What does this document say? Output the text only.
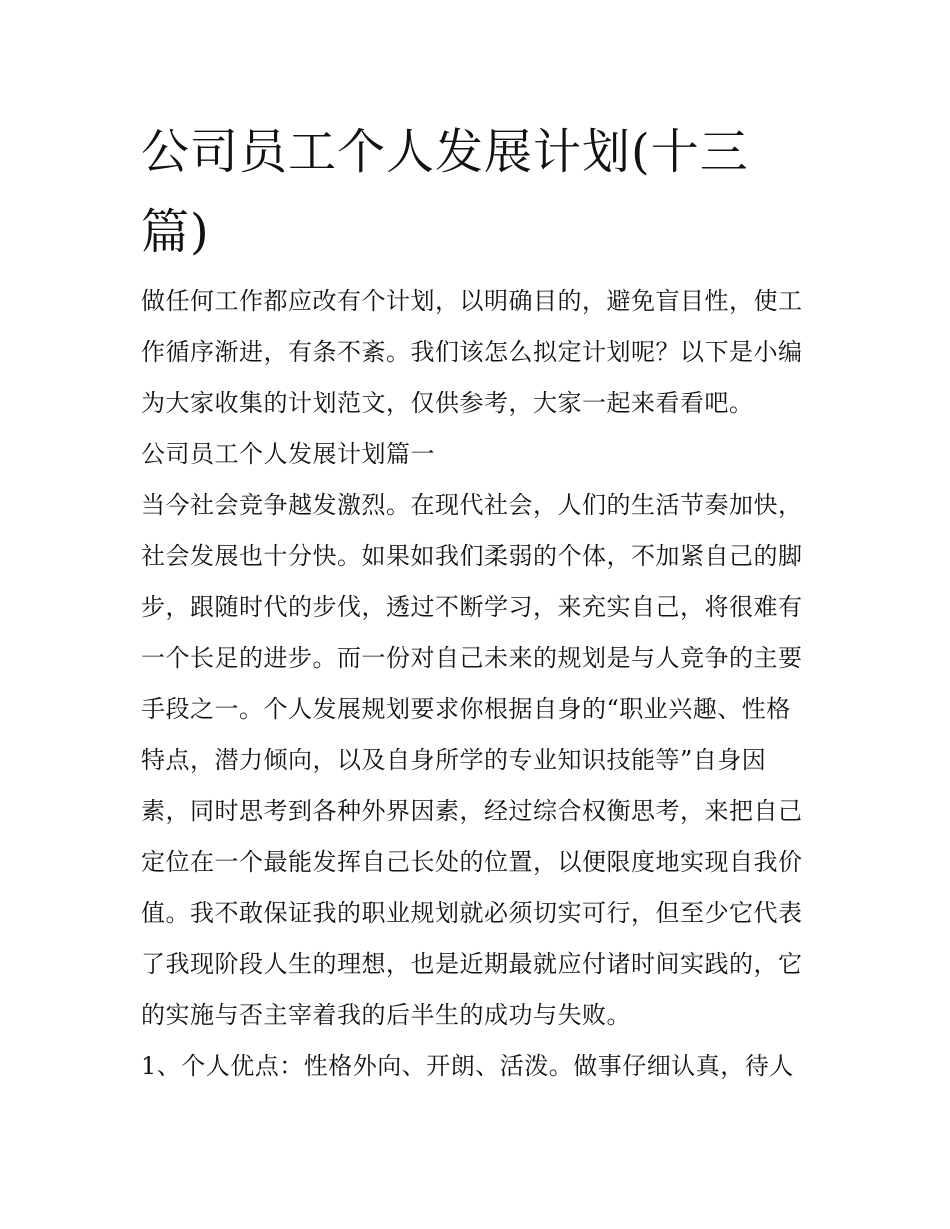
公司员工个人发展计划(十三篇)
做任何工作都应改有个计划，以明确目的，避免盲目性，使工
作循序渐进，有条不紊。我们该怎么拟定计划呢？以下是小编
为大家收集的计划范文，仅供参考，大家一起来看看吧。
公司员工个人发展计划篇一
当今社会竞争越发激烈。在现代社会，人们的生活节奏加快，
社会发展也十分快。如果如我们柔弱的个体，不加紧自己的脚
步，跟随时代的步伐，透过不断学习，来充实自己，将很难有
一个长足的进步。而一份对自己未来的规划是与人竞争的主要
手段之一。个人发展规划要求你根据自身的“职业兴趣、性格
特点，潜力倾向，以及自身所学的专业知识技能等”自身因
素，同时思考到各种外界因素，经过综合权衡思考，来把自己
定位在一个最能发挥自己长处的位置，以便限度地实现自我价
值。我不敢保证我的职业规划就必须切实可行，但至少它代表
了我现阶段人生的理想，也是近期最就应付诸时间实践的，它
的实施与否主宰着我的后半生的成功与失败。
1、个人优点：性格外向、开朗、活泼。做事仔细认真，待人
